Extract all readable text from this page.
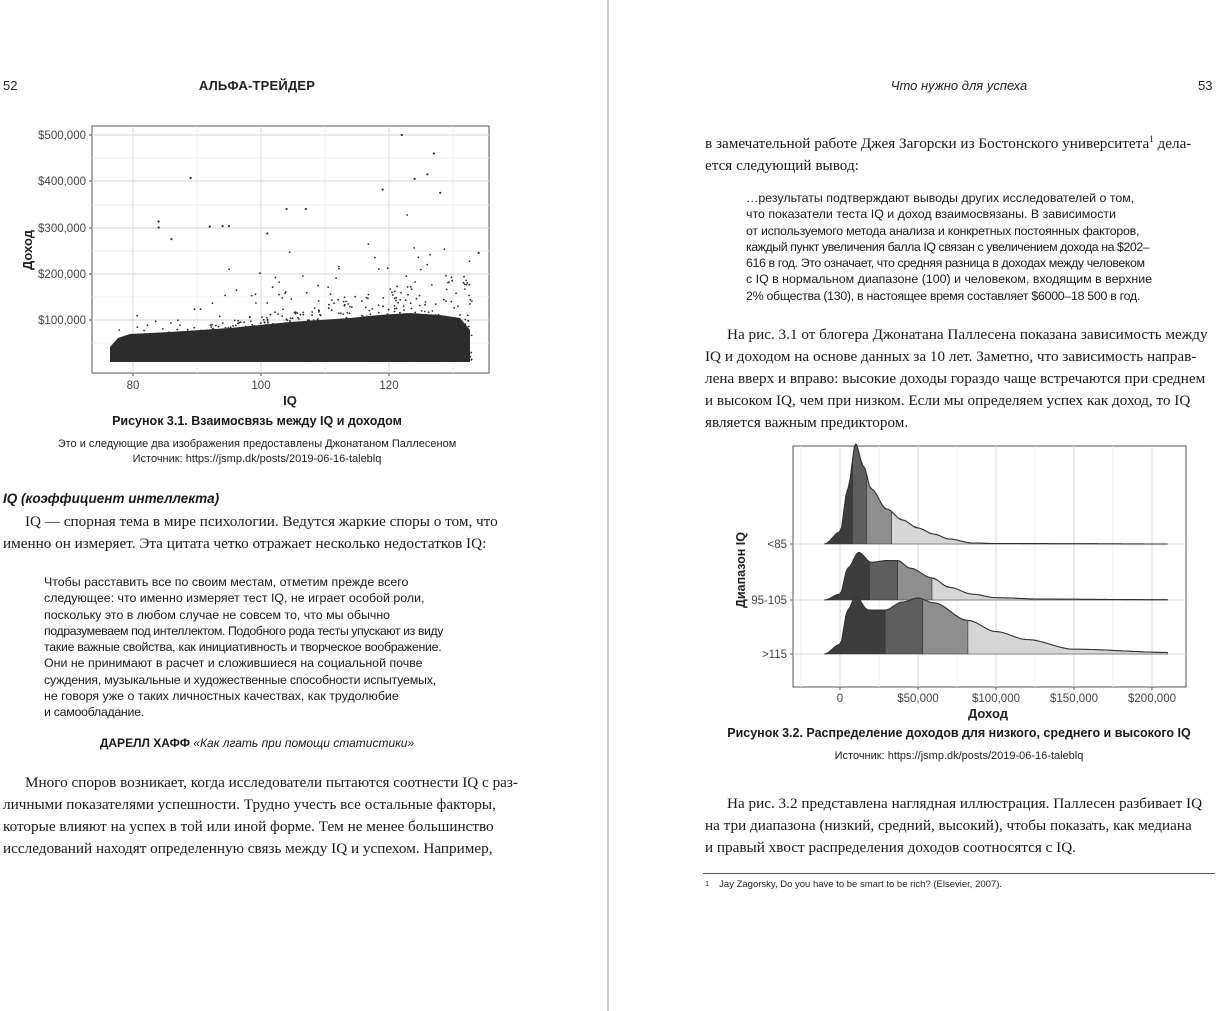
52	АЛЬФА-ТРЕЙДЕР
$500,000
$400,000
$300,000
$200,000
$100,000
80	100	120
IQ
Доход
Рисунок 3.1. Взаимосвязь между IQ и доходом
Это и следующие два изображения предоставлены Джонатаном Паллесеном
Источник: https://jsmp.dk/posts/2019-06-16-taleblq
IQ (коэффициент интеллекта)
IQ — спорная тема в мире психологии. Ведутся жаркие споры о том, что
именно он измеряет. Эта цитата четко отражает несколько недостатков IQ:
Чтобы расставить все по своим местам, отметим прежде всего
следующее: что именно измеряет тест IQ, не играет особой роли,
поскольку это в любом случае не совсем то, что мы обычно
подразумеваем под интеллектом. Подобного рода тесты упускают из виду
такие важные свойства, как инициативность и творческое воображение.
Они не принимают в расчет и сложившиеся на социальной почве
суждения, музыкальные и художественные способности испытуемых,
не говоря уже о таких личностных качествах, как трудолюбие
и самообладание.
ДАРЕЛЛ ХАФФ «Как лгать при помощи статистики»
Много споров возникает, когда исследователи пытаются соотнести IQ с раз-
личными показателями успешности. Трудно учесть все остальные факторы,
которые влияют на успех в той или иной форме. Тем не менее большинство
исследований находят определенную связь между IQ и успехом. Например,
Что нужно для успеха	53
в замечательной работе Джея Загорски из Бостонского университета$^1$ дела-
ется следующий вывод:
…результаты подтверждают выводы других исследователей о том,
что показатели теста IQ и доход взаимосвязаны. В зависимости
от используемого метода анализа и конкретных постоянных факторов,
каждый пункт увеличения балла IQ связан с увеличением дохода на $202–
616 в год. Это означает, что средняя разница в доходах между человеком
с IQ в нормальном диапазоне (100) и человеком, входящим в верхние
2% общества (130), в настоящее время составляет $6000–18 500 в год.
На рис. 3.1 от блогера Джонатана Паллесена показана зависимость между
IQ и доходом на основе данных за 10 лет. Заметно, что зависимость направ-
лена вверх и вправо: высокие доходы гораздо чаще встречаются при среднем
и высоком IQ, чем при низком. Если мы определяем успех как доход, то IQ
является важным предиктором.
<85
95-105
>115
0	$50,000	$100,000	$150,000	$200,000
Доход
Диапазон IQ
Рисунок 3.2. Распределение доходов для низкого, среднего и высокого IQ
Источник: https://jsmp.dk/posts/2019-06-16-taleblq
На рис. 3.2 представлена наглядная иллюстрация. Паллесен разбивает IQ
на три диапазона (низкий, средний, высокий), чтобы показать, как медиана
и правый хвост распределения доходов соотносятся с IQ.
$^1$ Jay Zagorsky, Do you have to be smart to be rich? (Elsevier, 2007).
